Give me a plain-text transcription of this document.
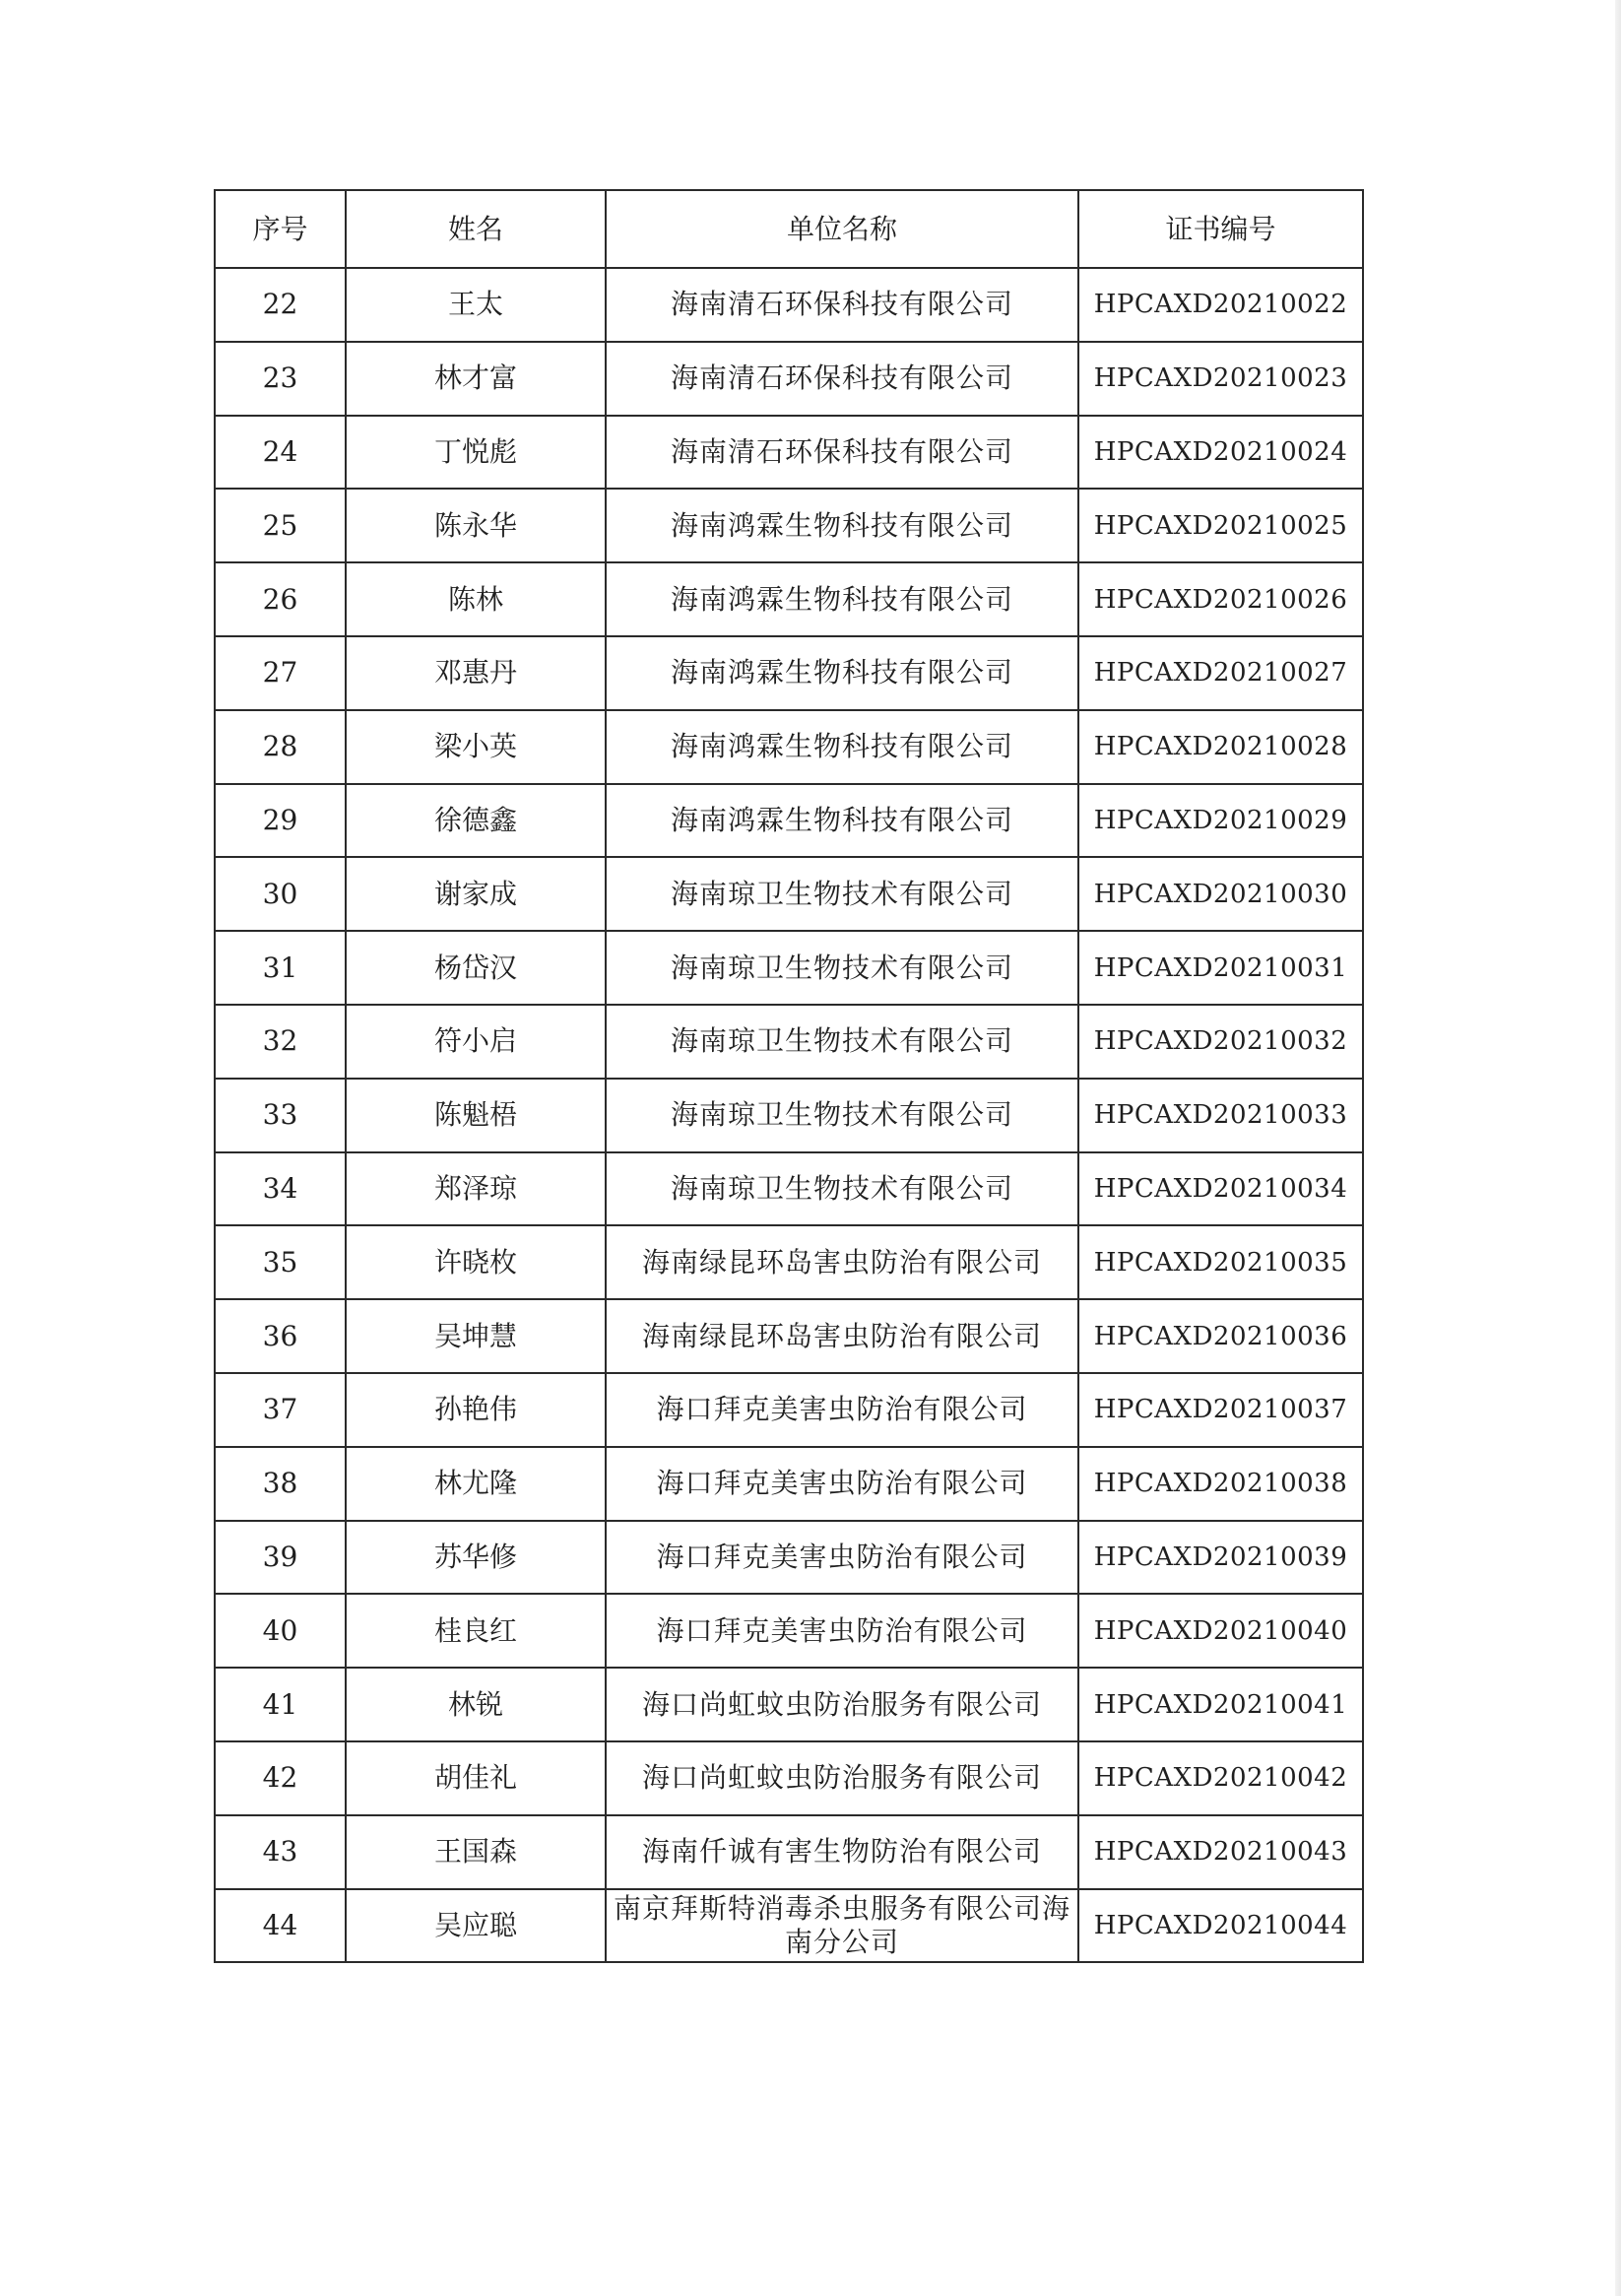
序号	姓名	单位名称	证书编号
22	王太	海南清石环保科技有限公司	HPCAXD20210022
23	林才富	海南清石环保科技有限公司	HPCAXD20210023
24	丁悦彪	海南清石环保科技有限公司	HPCAXD20210024
25	陈永华	海南鸿霖生物科技有限公司	HPCAXD20210025
26	陈林	海南鸿霖生物科技有限公司	HPCAXD20210026
27	邓惠丹	海南鸿霖生物科技有限公司	HPCAXD20210027
28	梁小英	海南鸿霖生物科技有限公司	HPCAXD20210028
29	徐德鑫	海南鸿霖生物科技有限公司	HPCAXD20210029
30	谢家成	海南琼卫生物技术有限公司	HPCAXD20210030
31	杨岱汉	海南琼卫生物技术有限公司	HPCAXD20210031
32	符小启	海南琼卫生物技术有限公司	HPCAXD20210032
33	陈魁梧	海南琼卫生物技术有限公司	HPCAXD20210033
34	郑泽琼	海南琼卫生物技术有限公司	HPCAXD20210034
35	许晓枚	海南绿昆环岛害虫防治有限公司	HPCAXD20210035
36	吴坤慧	海南绿昆环岛害虫防治有限公司	HPCAXD20210036
37	孙艳伟	海口拜克美害虫防治有限公司	HPCAXD20210037
38	林尤隆	海口拜克美害虫防治有限公司	HPCAXD20210038
39	苏华修	海口拜克美害虫防治有限公司	HPCAXD20210039
40	桂良红	海口拜克美害虫防治有限公司	HPCAXD20210040
41	林锐	海口尚虹蚊虫防治服务有限公司	HPCAXD20210041
42	胡佳礼	海口尚虹蚊虫防治服务有限公司	HPCAXD20210042
43	王国森	海南仟诚有害生物防治有限公司	HPCAXD20210043
44	吴应聪	南京拜斯特消毒杀虫服务有限公司海南分公司	HPCAXD20210044
